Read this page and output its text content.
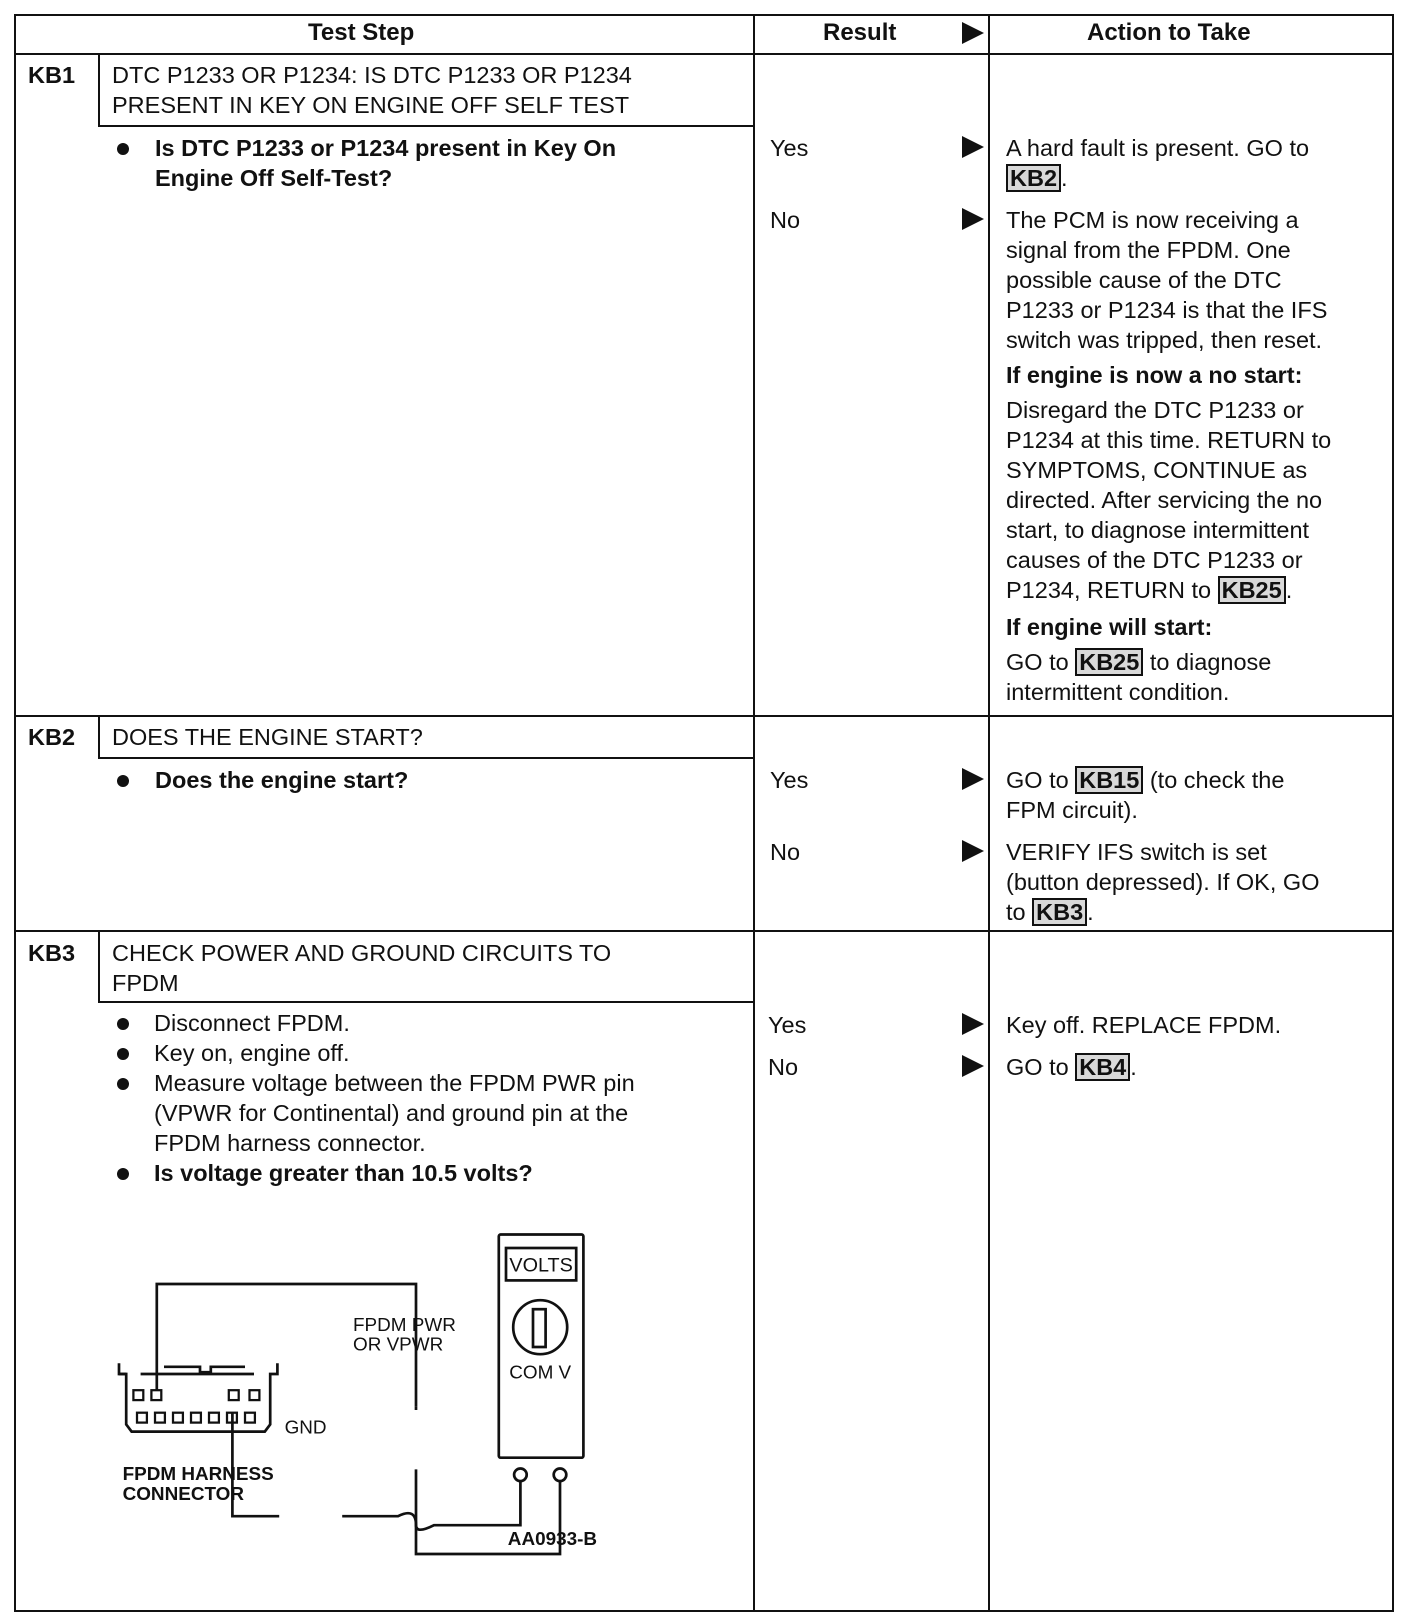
Test Step	Result	Action to Take
KB1 DTC P1233 OR P1234: IS DTC P1233 OR P1234
PRESENT IN KEY ON ENGINE OFF SELF TEST
Is DTC P1233 or P1234 present in Key On
Engine Off Self-Test?
Yes	A hard fault is present. GO to
KB2 .
No	The PCM is now receiving a
signal from the FPDM. One
possible cause of the DTC
P1233 or P1234 is that the IFS
switch was tripped, then reset.
If engine is now a no start:
Disregard the DTC P1233 or
P1234 at this time. RETURN to
SYMPTOMS, CONTINUE as
directed. After servicing the no
start, to diagnose intermittent
causes of the DTC P1233 or
P1234, RETURN to KB25 .
If engine will start:
GO to KB25 to diagnose
intermittent condition.
KB2 DOES THE ENGINE START?
Does the engine start?	Yes	GO to KB15 (to check the
FPM circuit).
No	VERIFY IFS switch is set
(button depressed). If OK, GO
to KB3 .
KB3 CHECK POWER AND GROUND CIRCUITS TO
FPDM
Disconnect FPDM.
Key on, engine off.
Measure voltage between the FPDM PWR pin
(VPWR for Continental) and ground pin at the
FPDM harness connector.
Is voltage greater than 10.5 volts?
Yes	Key off. REPLACE FPDM.
No	GO to KB4 .
VOLTS
COM V
FPDM PWR
OR VPWR
GND
FPDM HARNESS
CONNECTOR
AA0933-B
